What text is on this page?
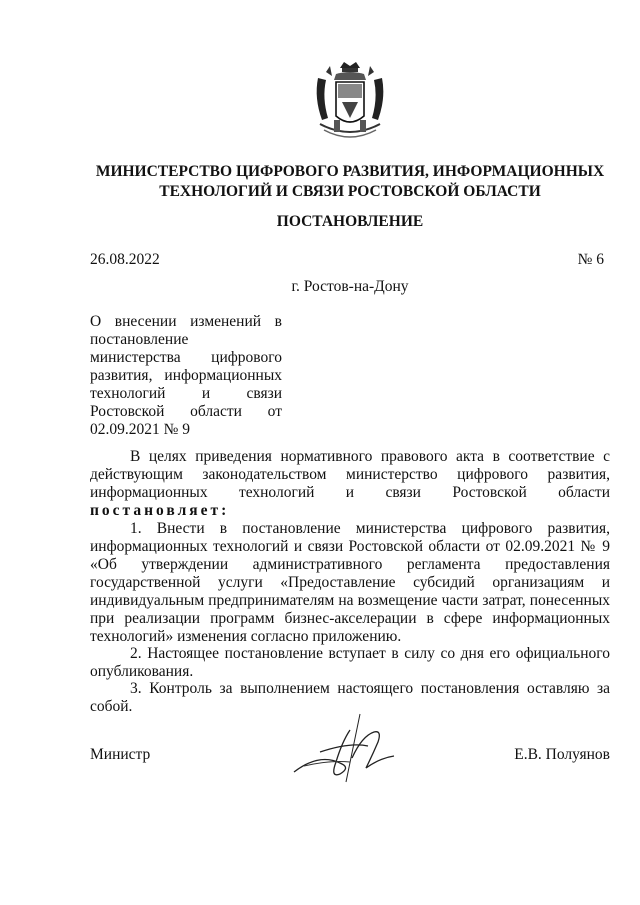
МИНИСТЕРСТВО ЦИФРОВОГО РАЗВИТИЯ, ИНФОРМАЦИОННЫХ
ТЕХНОЛОГИЙ И СВЯЗИ РОСТОВСКОЙ ОБЛАСТИ
ПОСТАНОВЛЕНИЕ
26.08.2022	№ 6
г. Ростов-на-Дону
О внесении изменений в постановление министерства цифрового развития, информационных технологий и связи Ростовской области от 02.09.2021 № 9
В целях приведения нормативного правового акта в соответствие с действующим законодательством министерство цифрового развития, информационных технологий и связи Ростовской области постановляет:
1. Внести в постановление министерства цифрового развития, информационных технологий и связи Ростовской области от 02.09.2021 № 9 «Об утверждении административного регламента предоставления государственной услуги «Предоставление субсидий организациям и индивидуальным предпринимателям на возмещение части затрат, понесенных при реализации программ бизнес-акселерации в сфере информационных технологий» изменения согласно приложению.
2. Настоящее постановление вступает в силу со дня его официального опубликования.
3. Контроль за выполнением настоящего постановления оставляю за собой.
Министр	Е.В. Полуянов
